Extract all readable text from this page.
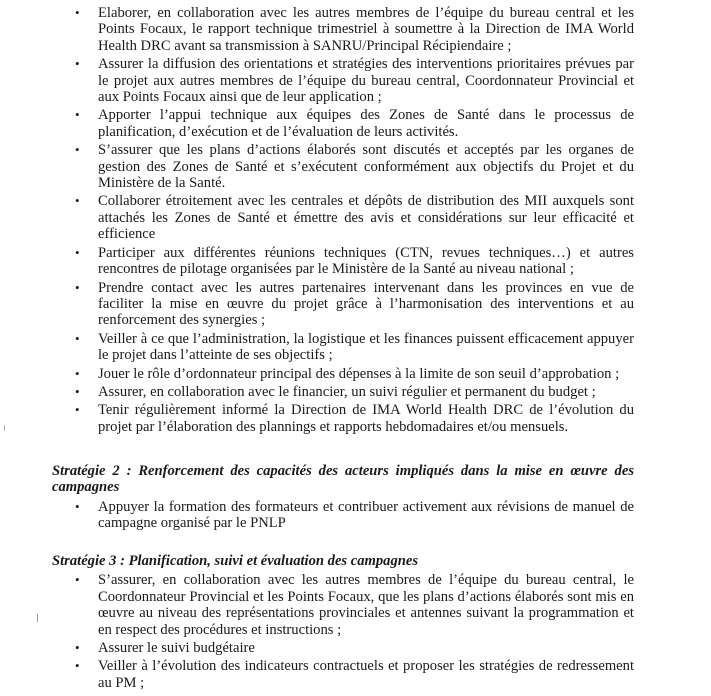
• Elaborer, en collaboration avec les autres membres de l’équipe du bureau central et les Points Focaux, le rapport technique trimestriel à soumettre à la Direction de IMA World Health DRC avant sa transmission à SANRU/Principal Récipiendaire ;
• Assurer la diffusion des orientations et stratégies des interventions prioritaires prévues par le projet aux autres membres de l’équipe du bureau central, Coordonnateur Provincial et aux Points Focaux ainsi que de leur application ;
• Apporter l’appui technique aux équipes des Zones de Santé dans le processus de planification, d’exécution et de l’évaluation de leurs activités.
• S’assurer que les plans d’actions élaborés sont discutés et acceptés par les organes de gestion des Zones de Santé et s’exécutent conformément aux objectifs du Projet et du Ministère de la Santé.
• Collaborer étroitement avec les centrales et dépôts de distribution des MII auxquels sont attachés les Zones de Santé et émettre des avis et considérations sur leur efficacité et efficience
• Participer aux différentes réunions techniques (CTN, revues techniques…) et autres rencontres de pilotage organisées par le Ministère de la Santé au niveau national ;
• Prendre contact avec les autres partenaires intervenant dans les provinces en vue de faciliter la mise en œuvre du projet grâce à l’harmonisation des interventions et au renforcement des synergies ;
• Veiller à ce que l’administration, la logistique et les finances puissent efficacement appuyer le projet dans l’atteinte de ses objectifs ;
• Jouer le rôle d’ordonnateur principal des dépenses à la limite de son seuil d’approbation ;
• Assurer, en collaboration avec le financier, un suivi régulier et permanent du budget ;
• Tenir régulièrement informé la Direction de IMA World Health DRC de l’évolution du projet par l’élaboration des plannings et rapports hebdomadaires et/ou mensuels.

Stratégie 2 : Renforcement des capacités des acteurs impliqués dans la mise en œuvre des campagnes

• Appuyer la formation des formateurs et contribuer activement aux révisions de manuel de campagne organisé par le PNLP

Stratégie 3 : Planification, suivi et évaluation des campagnes

• S’assurer, en collaboration avec les autres membres de l’équipe du bureau central, le Coordonnateur Provincial et les Points Focaux, que les plans d’actions élaborés sont mis en œuvre au niveau des représentations provinciales et antennes suivant la programmation et en respect des procédures et instructions ;
• Assurer le suivi budgétaire
• Veiller à l’évolution des indicateurs contractuels et proposer les stratégies de redressement au PM ;
